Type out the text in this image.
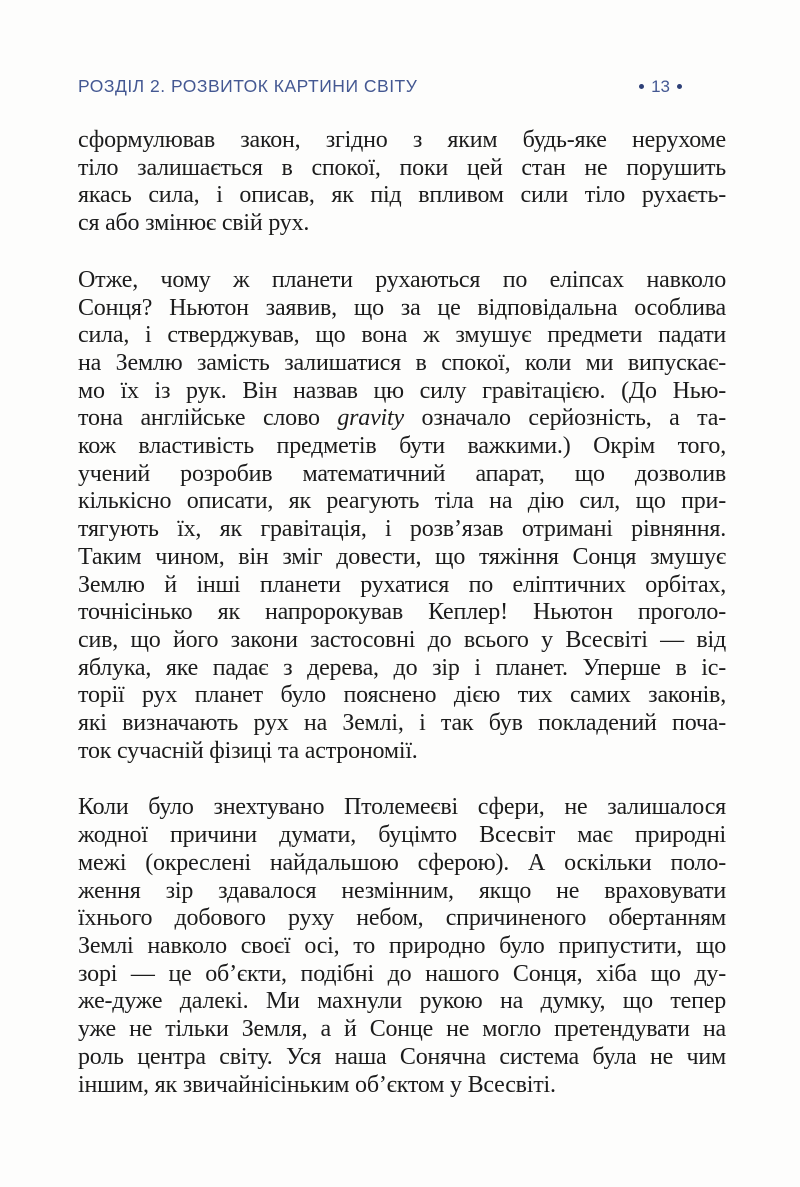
РОЗДІЛ 2. РОЗВИТОК КАРТИНИ СВІТУ	13
сформулював закон, згідно з яким будь-яке нерухоме
тіло залишається в спокої, поки цей стан не порушить
якась сила, і описав, як під впливом сили тіло рухаєть-
ся або змінює свій рух.
Отже, чому ж планети рухаються по еліпсах навколо
Сонця? Ньютон заявив, що за це відповідальна особлива
сила, і стверджував, що вона ж змушує предмети падати
на Землю замість залишатися в спокої, коли ми випускає-
мо їх із рук. Він назвав цю силу гравітацією. (До Нью-
тона англійське слово gravity означало серйозність, а та-
кож властивість предметів бути важкими.) Окрім того,
учений розробив математичний апарат, що дозволив
кількісно описати, як реагують тіла на дію сил, що при-
тягують їх, як гравітація, і розв’язав отримані рівняння.
Таким чином, він зміг довести, що тяжіння Сонця змушує
Землю й інші планети рухатися по еліптичних орбітах,
точнісінько як напророкував Кеплер! Ньютон проголо-
сив, що його закони застосовні до всього у Всесвіті — від
яблука, яке падає з дерева, до зір і планет. Уперше в іс-
торії рух планет було пояснено дією тих самих законів,
які визначають рух на Землі, і так був покладений поча-
ток сучасній фізиці та астрономії.
Коли було знехтувано Птолемеєві сфери, не залишалося
жодної причини думати, буцімто Всесвіт має природні
межі (окреслені найдальшою сферою). А оскільки поло-
ження зір здавалося незмінним, якщо не враховувати
їхнього добового руху небом, спричиненого обертанням
Землі навколо своєї осі, то природно було припустити, що
зорі — це об’єкти, подібні до нашого Сонця, хіба що ду-
же-дуже далекі. Ми махнули рукою на думку, що тепер
уже не тільки Земля, а й Сонце не могло претендувати на
роль центра світу. Уся наша Сонячна система була не чим
іншим, як звичайнісіньким об’єктом у Всесвіті.
